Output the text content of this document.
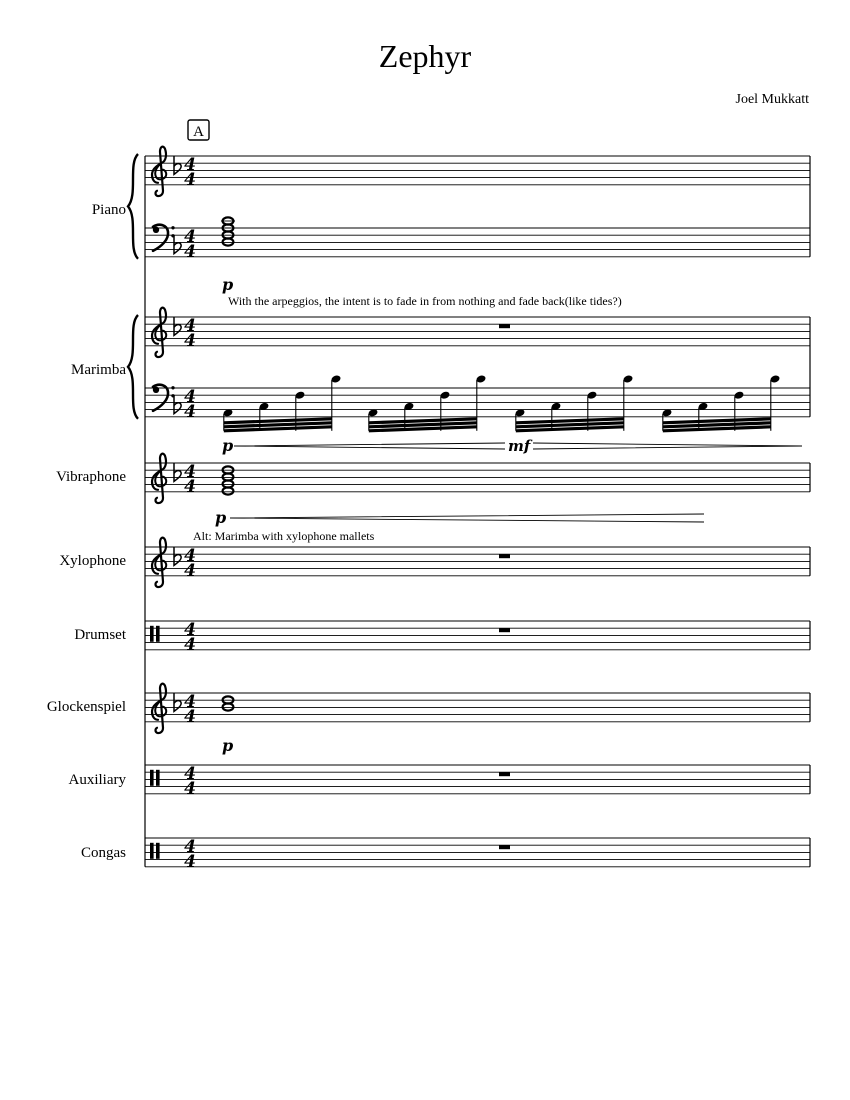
Zephyr
Joel Mukkatt
A
4
4
4
4
Piano
p
With the arpeggios, the intent is to fade in from nothing and fade back(like tides?)
4
4
4
4
Marimba
p	mf
4
4
Vibraphone
p
Alt: Marimba with xylophone mallets
4
4
Xylophone
4
4
Drumset
4
4
Glockenspiel
p
4
4
Auxiliary
4
4
Congas
